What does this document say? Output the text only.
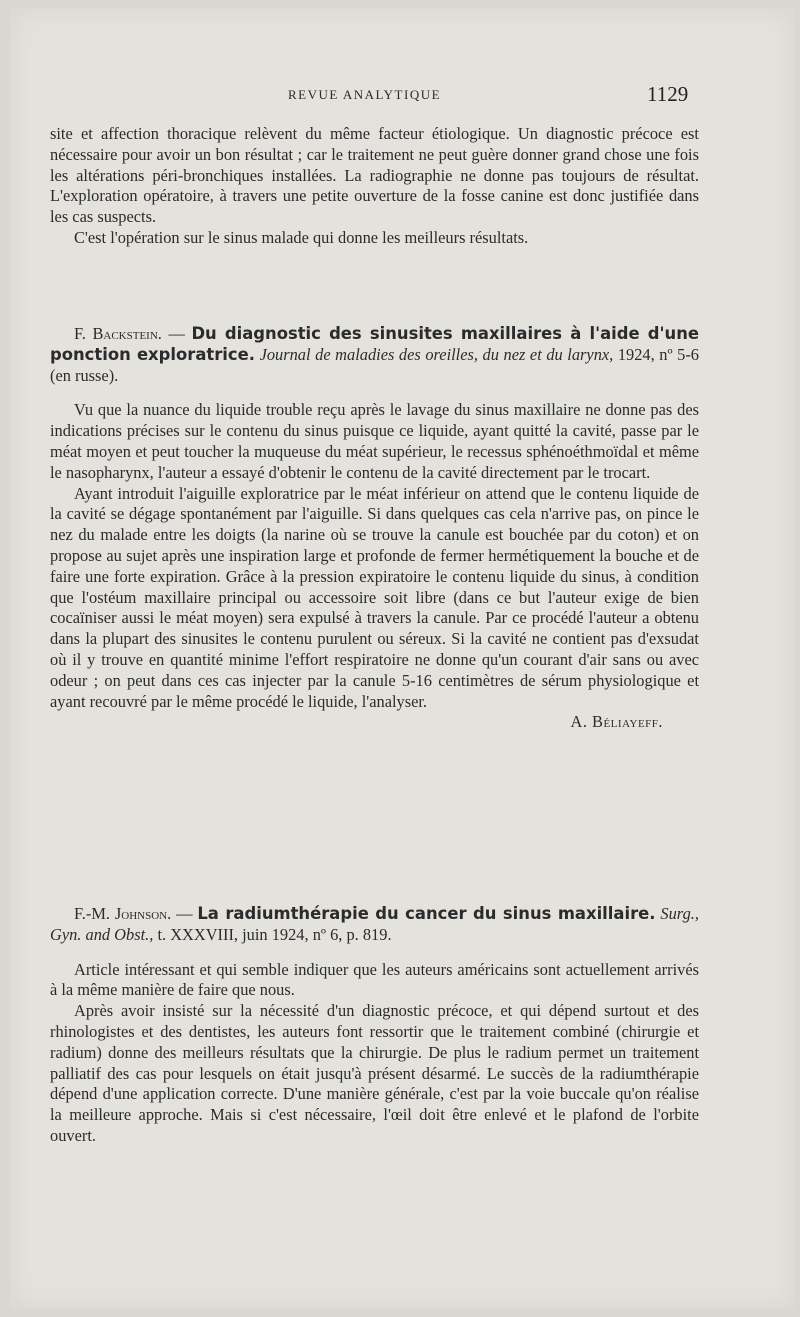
REVUE ANALYTIQUE	1129

site et affection thoracique relèvent du même facteur étiologique. Un diagnostic précoce est nécessaire pour avoir un bon résultat ; car le traitement ne peut guère donner grand chose une fois les altérations péri-bronchiques installées. La radiographie ne donne pas toujours de résultat. L'exploration opératoire, à travers une petite ouverture de la fosse canine est donc justifiée dans les cas suspects.

C'est l'opération sur le sinus malade qui donne les meilleurs résultats.

F. Backstein. — Du diagnostic des sinusites maxillaires à l'aide d'une ponction exploratrice. Journal de maladies des oreilles, du nez et du larynx, 1924, nº 5-6 (en russe).

Vu que la nuance du liquide trouble reçu après le lavage du sinus maxillaire ne donne pas des indications précises sur le contenu du sinus puisque ce liquide, ayant quitté la cavité, passe par le méat moyen et peut toucher la muqueuse du méat supérieur, le recessus sphénoéthmoïdal et même le nasopharynx, l'auteur a essayé d'obtenir le contenu de la cavité directement par le trocart.

Ayant introduit l'aiguille exploratrice par le méat inférieur on attend que le contenu liquide de la cavité se dégage spontanément par l'aiguille. Si dans quelques cas cela n'arrive pas, on pince le nez du malade entre les doigts (la narine où se trouve la canule est bouchée par du coton) et on propose au sujet après une inspiration large et profonde de fermer hermétiquement la bouche et de faire une forte expiration. Grâce à la pression expiratoire le contenu liquide du sinus, à condition que l'ostéum maxillaire principal ou accessoire soit libre (dans ce but l'auteur exige de bien cocaïniser aussi le méat moyen) sera expulsé à travers la canule. Par ce procédé l'auteur a obtenu dans la plupart des sinusites le contenu purulent ou séreux. Si la cavité ne contient pas d'exsudat où il y trouve en quantité minime l'effort respiratoire ne donne qu'un courant d'air sans ou avec odeur ; on peut dans ces cas injecter par la canule 5-16 centimètres de sérum physiologique et ayant recouvré par le même procédé le liquide, l'analyser.

A. Béliayeff.

F.-M. Johnson. — La radiumthérapie du cancer du sinus maxillaire. Surg., Gyn. and Obst., t. XXXVIII, juin 1924, nº 6, p. 819.

Article intéressant et qui semble indiquer que les auteurs américains sont actuellement arrivés à la même manière de faire que nous.

Après avoir insisté sur la nécessité d'un diagnostic précoce, et qui dépend surtout et des rhinologistes et des dentistes, les auteurs font ressortir que le traitement combiné (chirurgie et radium) donne des meilleurs résultats que la chirurgie. De plus le radium permet un traitement palliatif des cas pour lesquels on était jusqu'à présent désarmé. Le succès de la radiumthérapie dépend d'une application correcte. D'une manière générale, c'est par la voie buccale qu'on réalise la meilleure approche. Mais si c'est nécessaire, l'œil doit être enlevé et le plafond de l'orbite ouvert.
